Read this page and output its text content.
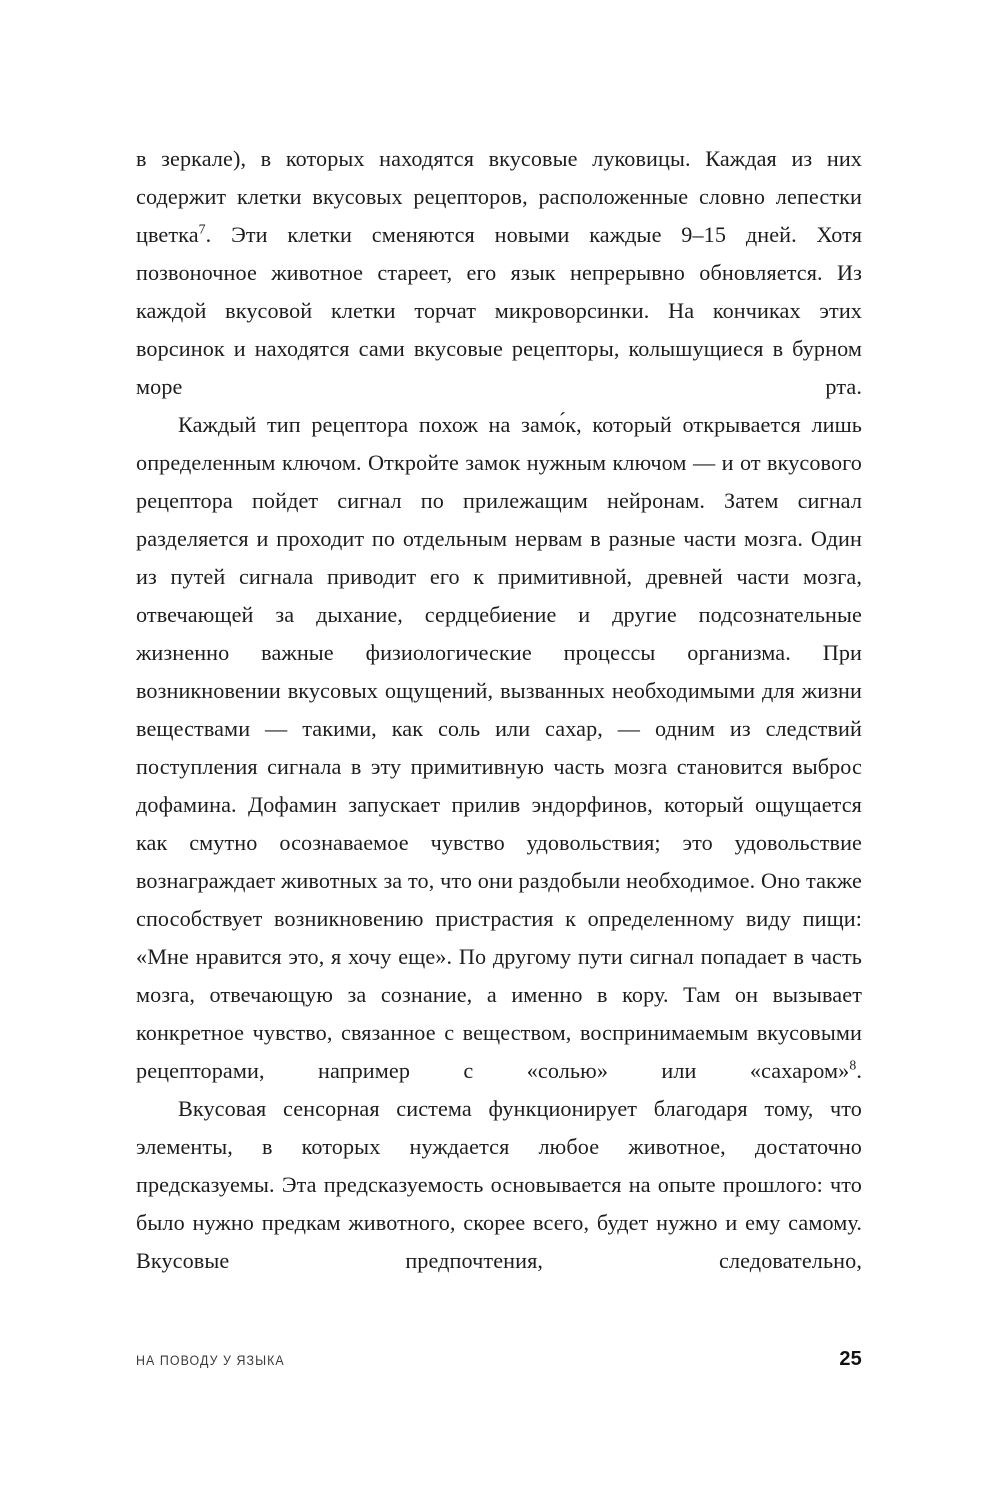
в зеркале), в которых находятся вкусовые луковицы. Каждая из них содержит клетки вкусовых рецепторов, расположенные словно лепестки цветка$^7$. Эти клетки сменяются новыми каждые 9–15 дней. Хотя позвоночное животное стареет, его язык непрерывно обновляется. Из каждой вкусовой клетки торчат микроворсинки. На кончиках этих ворсинок и находятся сами вкусовые рецепторы, колышущиеся в бурном море рта.

Каждый тип рецептора похож на замо́к, который открывается лишь определенным ключом. Откройте замок нужным ключом — и от вкусового рецептора пойдет сигнал по прилежащим нейронам. Затем сигнал разделяется и проходит по отдельным нервам в разные части мозга. Один из путей сигнала приводит его к примитивной, древней части мозга, отвечающей за дыхание, сердцебиение и другие подсознательные жизненно важные физиологические процессы организма. При возникновении вкусовых ощущений, вызванных необходимыми для жизни веществами — такими, как соль или сахар, — одним из следствий поступления сигнала в эту примитивную часть мозга становится выброс дофамина. Дофамин запускает прилив эндорфинов, который ощущается как смутно осознаваемое чувство удовольствия; это удовольствие вознаграждает животных за то, что они раздобыли необходимое. Оно также способствует возникновению пристрастия к определенному виду пищи: «Мне нравится это, я хочу еще». По другому пути сигнал попадает в часть мозга, отвечающую за сознание, а именно в кору. Там он вызывает конкретное чувство, связанное с веществом, воспринимаемым вкусовыми рецепторами, например с «солью» или «сахаром»$^8$.

Вкусовая сенсорная система функционирует благодаря тому, что элементы, в которых нуждается любое животное, достаточно предсказуемы. Эта предсказуемость основывается на опыте прошлого: что было нужно предкам животного, скорее всего, будет нужно и ему самому. Вкусовые предпочтения, следовательно,

НА ПОВОДУ У ЯЗЫКА	25
